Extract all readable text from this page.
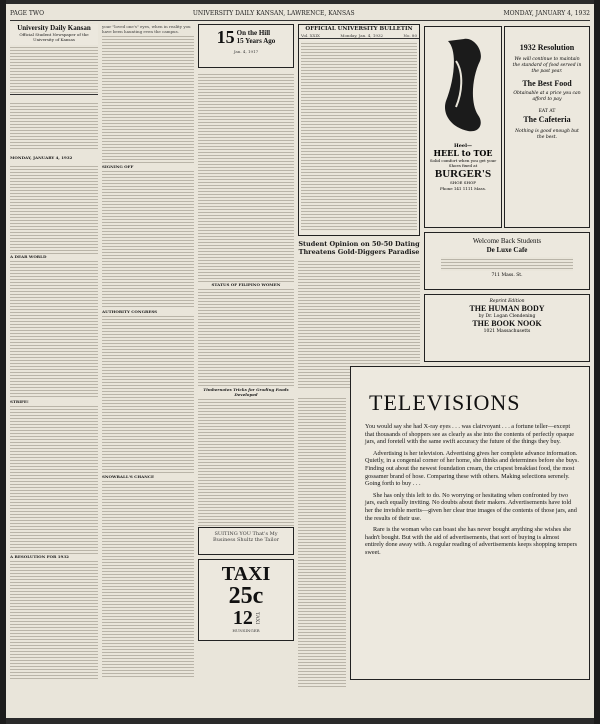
PAGE TWO	UNIVERSITY DAILY KANSAN, LAWRENCE, KANSAS	MONDAY, JANUARY 4, 1932
University Daily Kansan
Official Student Newspaper of the University of Kansas
MONDAY, JANUARY 4, 1932
A DEAR WORLD
STRIFE!
A RESOLUTION FOR 1932
your "loved one's" eyes, when in reality you have been haunting even the campus.
SIGNING OFF
AUTHORITY CONGRESS
SNOWBALL'S CHANCE
15 On the Hill
15 Years Ago
Jan. 4, 1917
STATUS OF FILIPINO WOMEN
Timbernotes Tricks for Grading Foods Developed
SUITING YOU That's My Business Shultz the Tailor
TAXI
25c
12 TAXI
HUNSINGER
OFFICIAL UNIVERSITY BULLETIN
Vol. XXIX	Monday, Jan. 4, 1932	No. 80
Student Opinion on 50-50 Dating Threatens Gold-Diggers Paradise
Heel—
HEEL to TOE
Solid comfort when you get your Shoes fixed at
BURGER'S
SHOE SHOP
Phone 141 1111 Mass.
1932 Resolution
We will continue to maintain the standard of food served in the past year.
The Best Food
Obtainable at a price you can afford to pay
EAT AT
The Cafeteria
Nothing is good enough but the best.
Welcome Back Students
De Luxe Cafe
711 Mass. St.
Reprint Edition
THE HUMAN BODY
by Dr. Logan Clendening
THE BOOK NOOK
1021 Massachusetts
TELEVISIONS
You would say she had X-ray eyes . . . was clairvoyant . . . a fortune teller—except that thousands of shoppers see as clearly as she into the contents of perfectly opaque jars, and foretell with the same swift accuracy the future of the things they buy.
Advertising is her television. Advertising gives her complete advance information. Quietly, in a congenial corner of her home, she thinks and determines before she buys. Finding out about the newest foundation cream, the crispest breakfast food, the most gossamer brand of hose. Comparing these with others. Making selections serenely. Going forth to buy . . .
She has only this left to do. No worrying or hesitating when confronted by two jars, each equally inviting. No doubts about their makers. Advertisements have told her the invisible merits—given her clear true images of the contents of those jars, and the results of their use.
Rare is the woman who can boast she has never bought anything she wishes she hadn't bought. But with the aid of advertisements, that sort of buying is almost entirely done away with. A regular reading of advertisements keeps shopping tempers sweet.
